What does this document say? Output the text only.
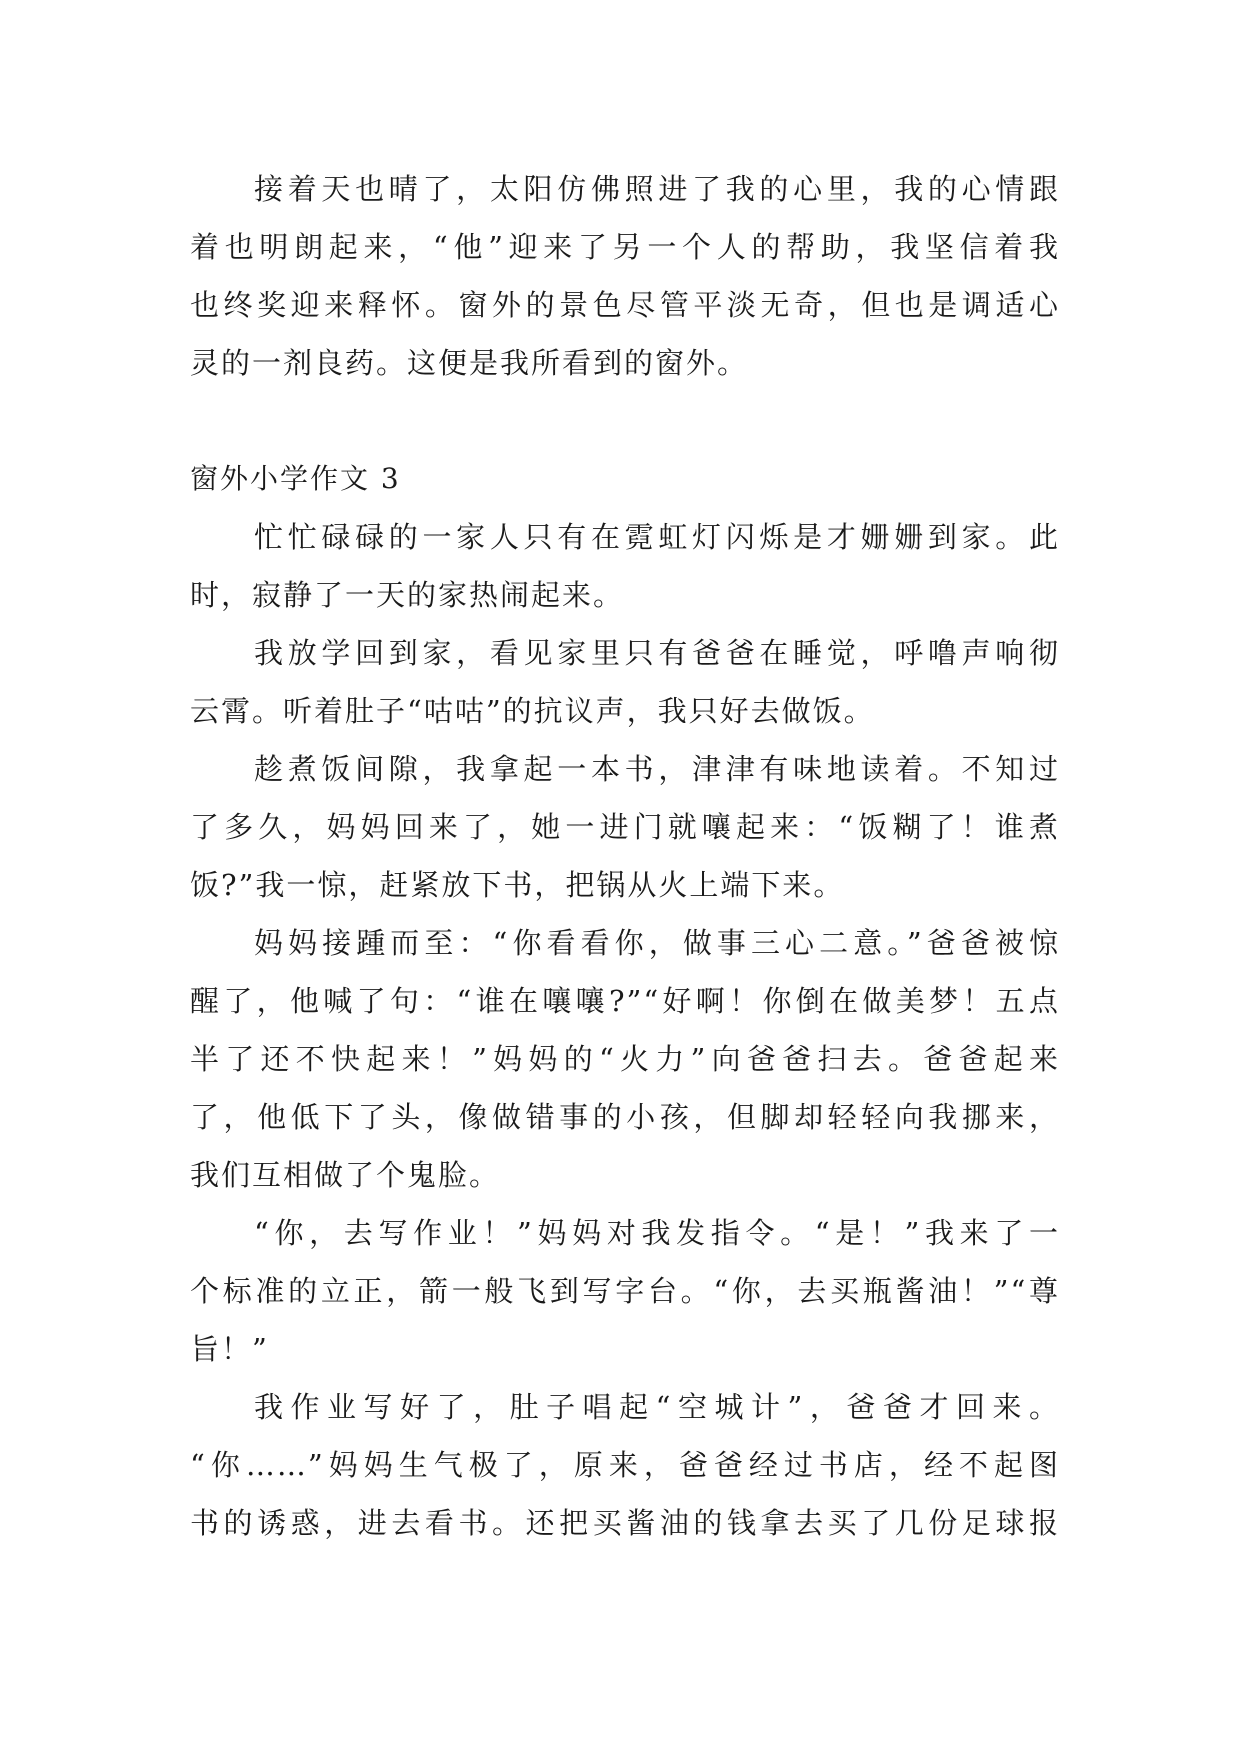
接着天也晴了，太阳仿佛照进了我的心里，我的心情跟
着也明朗起来，“他”迎来了另一个人的帮助，我坚信着我
也终奖迎来释怀。窗外的景色尽管平淡无奇，但也是调适心
灵的一剂良药。这便是我所看到的窗外。
窗外小学作文 3
忙忙碌碌的一家人只有在霓虹灯闪烁是才姗姗到家。此
时，寂静了一天的家热闹起来。
我放学回到家，看见家里只有爸爸在睡觉，呼噜声响彻
云霄。听着肚子“咕咕”的抗议声，我只好去做饭。
趁煮饭间隙，我拿起一本书，津津有味地读着。不知过
了多久，妈妈回来了，她一进门就嚷起来：“饭糊了！谁煮
饭?”我一惊，赶紧放下书，把锅从火上端下来。
妈妈接踵而至：“你看看你，做事三心二意。”爸爸被惊
醒了，他喊了句：“谁在嚷嚷?”“好啊！你倒在做美梦！五点
半了还不快起来！”妈妈的“火力”向爸爸扫去。爸爸起来
了，他低下了头，像做错事的小孩，但脚却轻轻向我挪来，
我们互相做了个鬼脸。
“你，去写作业！”妈妈对我发指令。“是！”我来了一
个标准的立正，箭一般飞到写字台。“你，去买瓶酱油！”“尊
旨！”
我作业写好了，肚子唱起“空城计”，爸爸才回来。
“你……”妈妈生气极了，原来，爸爸经过书店，经不起图
书的诱惑，进去看书。还把买酱油的钱拿去买了几份足球报
